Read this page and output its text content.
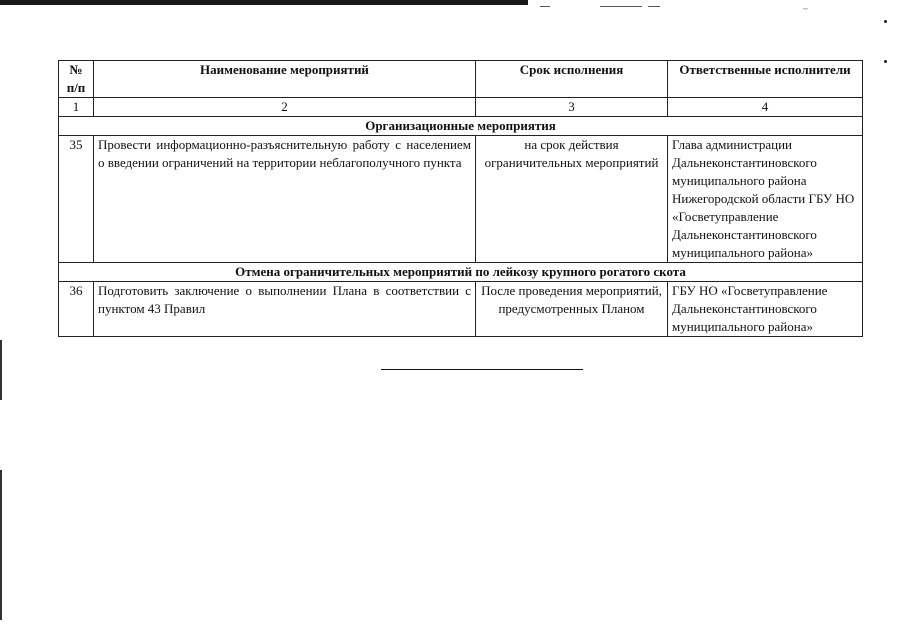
~
№ п/п	Наименование мероприятий	Срок исполнения	Ответственные исполнители
1	2	3	4
Организационные мероприятия			
35	Провести информационно-разъяснительную работу с населением о введении ограничений на территории неблагополучного пункта	на срок действия ограничительных мероприятий	Глава администрации Дальнеконстантиновского муниципального района Нижегородской области ГБУ НО «Госветуправление Дальнеконстантиновского муниципального района»
Отмена ограничительных мероприятий по лейкозу крупного рогатого скота			
36	Подготовить заключение о выполнении Плана в соответствии с пунктом 43 Правил	После проведения мероприятий, предусмотренных Планом	ГБУ НО «Госветуправление Дальнеконстантиновского муниципального района»
